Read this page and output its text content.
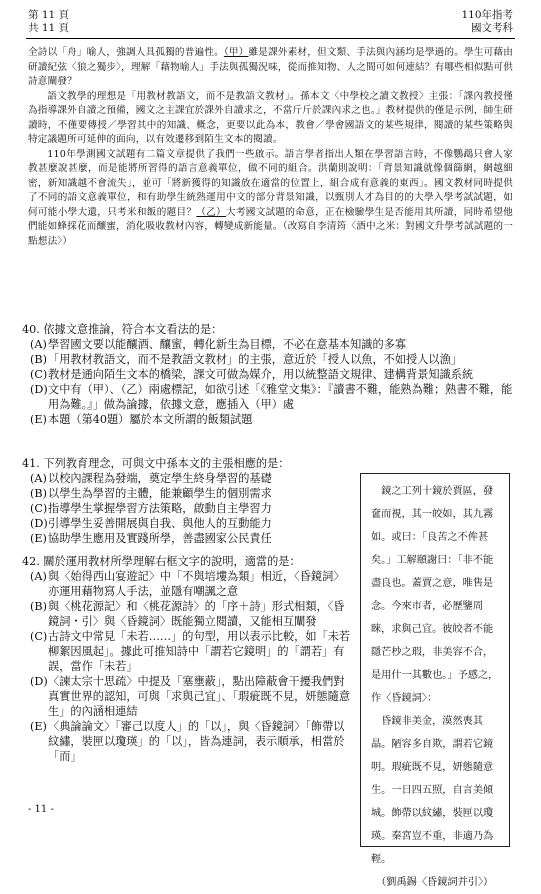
第 11 頁
共 11 頁
110年指考
國文考科

全詩以「舟」喻人，強調人具孤獨的普遍性。（甲）雖是課外素材，但文類、手法與內涵均是學過的。學生可藉由研讀紀弦〈狼之獨步〉，理解「藉物喻人」手法與孤獨況味，從而推知物、人之間可如何連結？有哪些相似點可供詩意闡發？

語文教學的理想是「用教材教語文，而不是教語文教材」。孫本文〈中學校之讀文教授〉主張：「課內教授僅為指導課外自讀之預備，國文之主課宜於課外自讀求之，不當斤斤於課內求之也。」教材提供的僅是示例，師生研讀時，不僅要傳授／學習其中的知識、概念，更要以此為本，教會／學會國語文的某些規律，閱讀的某些策略與特定議題所可延伸的面向，以有效遷移到陌生文本的閱讀。

110年學測國文試題有二篇文章提供了我們一些啟示。語言學者指出人類在學習語言時，不像鸚鵡只會人家教甚麼說甚麼，而是能將所習得的語言意義單位，做不同的組合。洪蘭則說明：「背景知識就像個篩網，網越細密，新知識越不會流失」，並可「將新獲得的知識放在適當的位置上，組合成有意義的東西」。國文教材同時提供了不同的語文意義單位，和有助學生統熟運用中文的部分背景知識，以甄別人才為目的的大學入學考試試題，如何可能小學大遺，只考米和飯的題目？（乙）大考國文試題的命意，正在檢驗學生是否能用其所讀，同時希望他們能如蜂採花而釀蜜，消化吸收教材內容，轉變成新能量。（改寫自李清筠〈酒中之米：對國文升學考試試題的一點想法〉）

40. 依據文意推論，符合本文看法的是：

(A) 學習國文要以能釀酒、釀蜜，轉化新生為目標，不必在意基本知識的多寡

(B) 「用教材教語文，而不是教語文教材」的主張，意近於「授人以魚，不如授人以漁」

(C) 教材是通向陌生文本的橋梁，課文可做為媒介，用以統整語文規律、建構背景知識系統

(D) 文中有（甲）、（乙）兩處標記，如欲引述「《雅堂文集》：『讀書不難，能熟為難；熟書不難，能用為難。』」做為論據，依據文意，應插入（甲）處

(E) 本題（第40題）屬於本文所謂的飯類試題

41. 下列教育理念，可與文中孫本文的主張相應的是：

(A) 以校內課程為發端，奠定學生終身學習的基礎

(B) 以學生為學習的主體，能兼顧學生的個別需求

(C) 指導學生掌握學習方法策略，啟動自主學習力

(D) 引導學生妥善開展與自我、與他人的互動能力

(E) 協助學生應用及實踐所學，善盡國家公民責任

42. 關於運用教材所學理解右框文字的說明，適當的是：

(A) 與〈始得西山宴遊記〉中「不與培塿為類」相近，〈昏鏡詞〉亦運用藉物寫人手法，並隱有嘲諷之意

(B) 與〈桃花源記〉和〈桃花源詩〉的「序＋詩」形式相類，〈昏鏡詞・引〉與〈昏鏡詞〉既能獨立閱讀，又能相互闡發

(C) 古詩文中常見「未若……」的句型，用以表示比較，如「未若柳絮因風起」。據此可推知詩中「謂若它鏡明」的「謂若」有誤，當作「未若」

(D) 〈諫太宗十思疏〉中提及「塞壅蔽」，點出障蔽會干擾我們對真實世界的認知，可與「求與己宜」、「瑕疵既不見，妍態隨意生」的內涵相連結

(E) 〈典論論文〉「審己以度人」的「以」，與〈昏鏡詞〉「飾帶以紋繡，裝匣以瓊瑛」的「以」，皆為連詞，表示順承，相當於「而」

鏡之工列十鏡於賈區，發奩而視，其一皎如，其九霧如。或曰：「良苦之不侔甚矣。」工解頤謝曰：「非不能盡良也。蓋賈之意，唯售是念。今來市者，必歷鑒周睞，求與己宜。彼皎者不能隱芒杪之瑕，非美容不合，是用什一其數也。」予感之，作〈昏鏡詞〉：

昏鏡非美金，漠然喪其晶。陋容多自欺，謂若它鏡明。瑕疵既不見，妍態隨意生。一日四五照，自言美傾城。飾帶以紋繡，裝匣以瓊瑛。秦宮豈不重，非適乃為輕。

（劉禹錫〈昏鏡詞并引〉）

- 11 -
